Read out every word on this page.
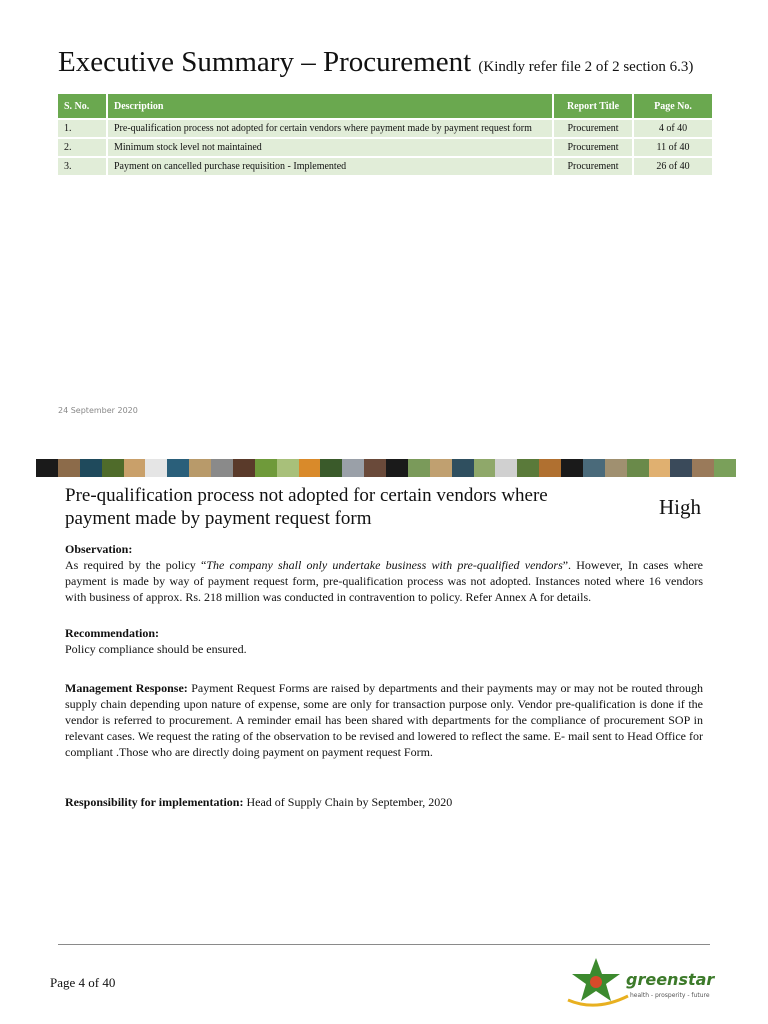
Executive Summary – Procurement (Kindly refer file 2 of 2 section 6.3)
S. No.	Description	Report Title	Page No.
1.	Pre-qualification process not adopted for certain vendors where payment made by payment request form	Procurement	4 of 40
2.	Minimum stock level not maintained	Procurement	11 of 40
3.	Payment on cancelled purchase requisition - Implemented	Procurement	26 of 40
24 September 2020
Pre-qualification process not adopted for certain vendors where payment made by payment request form	High
Observation:
As required by the policy “The company shall only undertake business with pre-qualified vendors”. However, In cases where payment is made by way of payment request form, pre-qualification process was not adopted. Instances noted where 16 vendors with business of approx. Rs. 218 million was conducted in contravention to policy. Refer Annex A for details.
Recommendation:
Policy compliance should be ensured.
Management Response: Payment Request Forms are raised by departments and their payments may or may not be routed through supply chain depending upon nature of expense, some are only for transaction purpose only. Vendor pre-qualification is done if the vendor is referred to procurement. A reminder email has been shared with departments for the compliance of procurement SOP in relevant cases. We request the rating of the observation to be revised and lowered to reflect the same. E- mail sent to Head Office for compliant .Those who are directly doing payment on payment request Form.
Responsibility for implementation: Head of Supply Chain by September, 2020
Page 4 of 40	greenstar
health - prosperity - future
